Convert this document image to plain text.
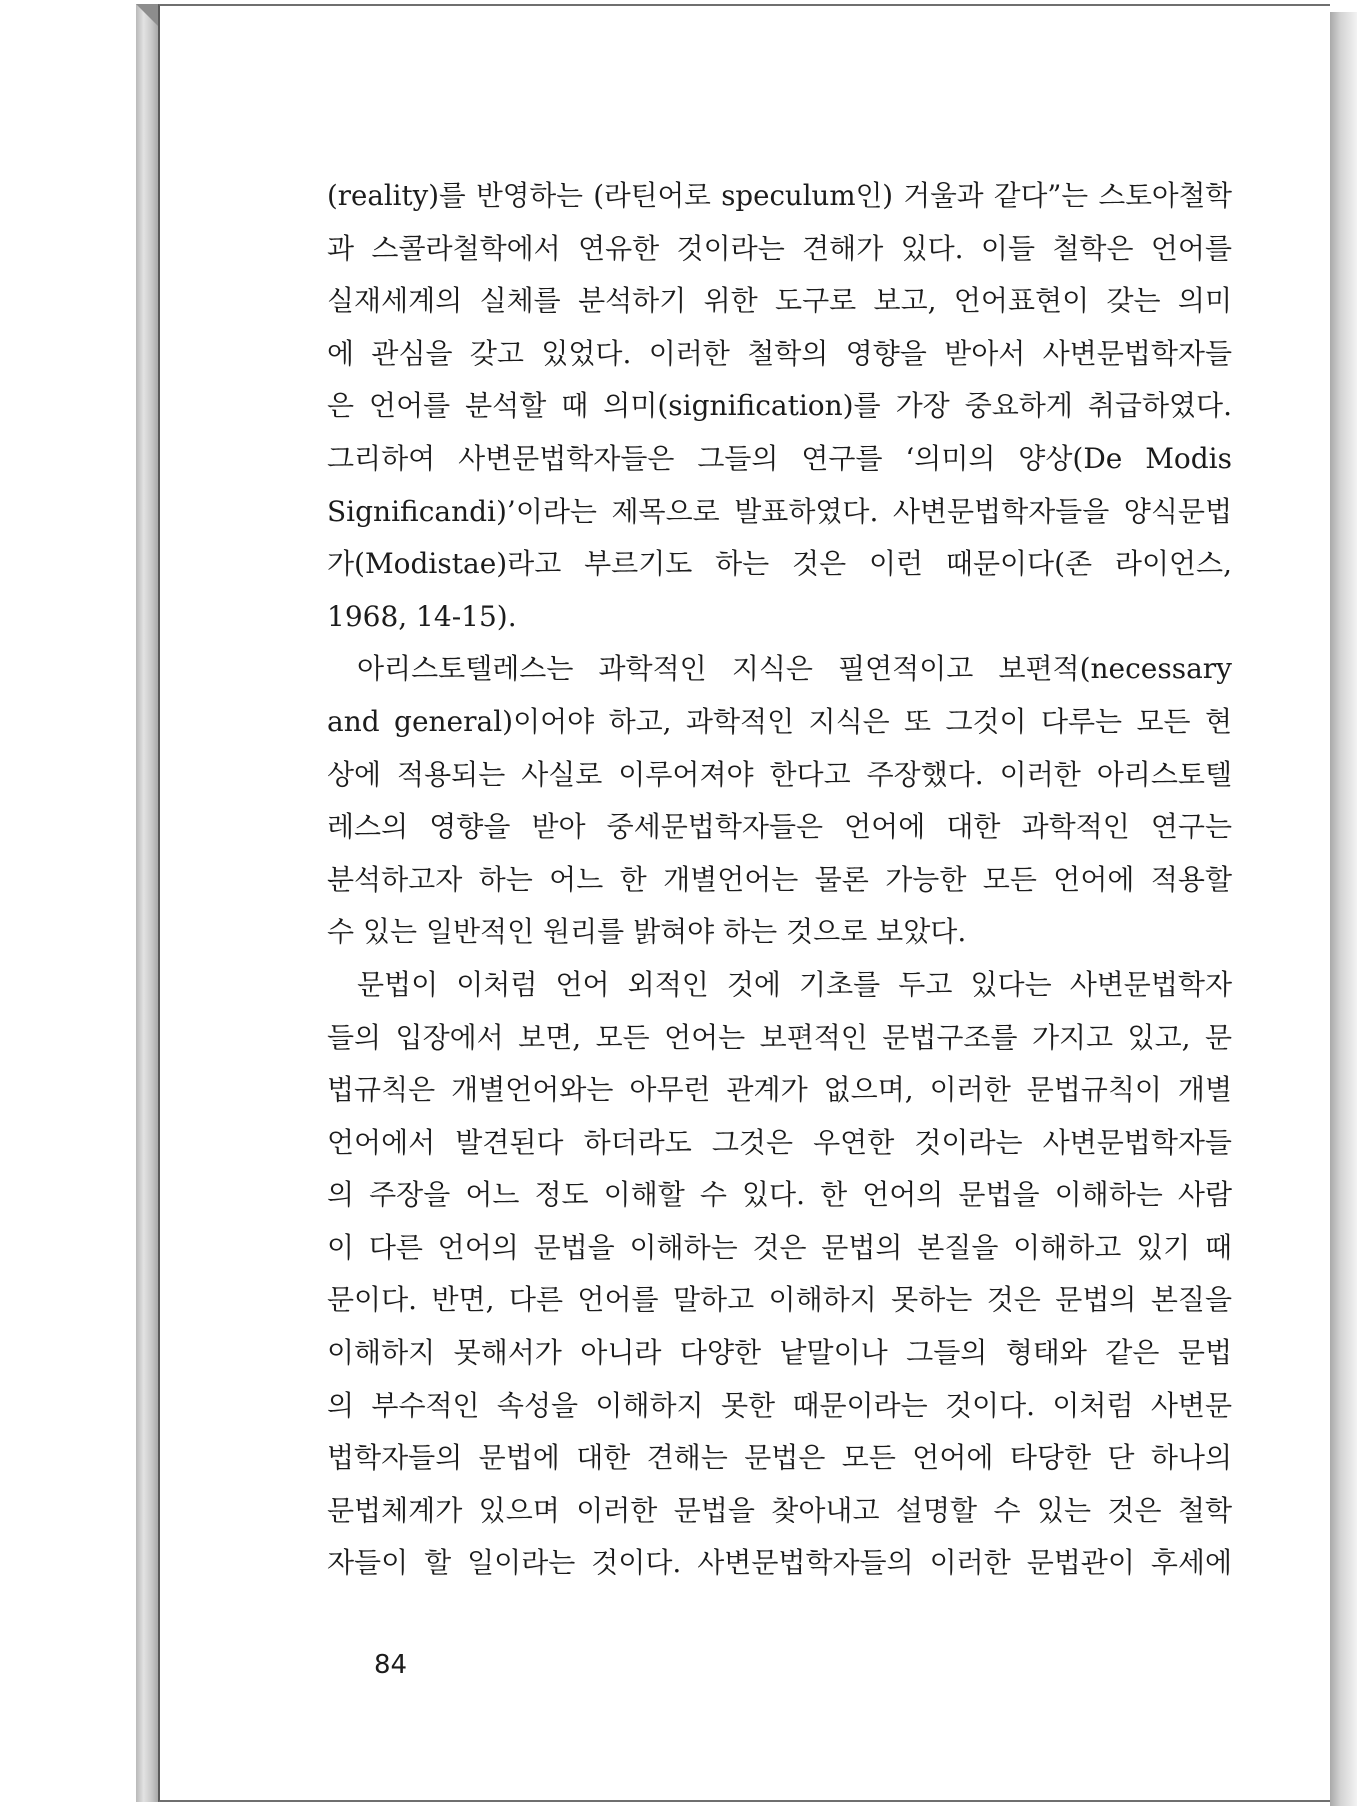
(reality)를 반영하는 (라틴어로 speculum인) 거울과 같다”는 스토아철학
과 스콜라철학에서 연유한 것이라는 견해가 있다. 이들 철학은 언어를
실재세계의 실체를 분석하기 위한 도구로 보고, 언어표현이 갖는 의미
에 관심을 갖고 있었다. 이러한 철학의 영향을 받아서 사변문법학자들
은 언어를 분석할 때 의미(signification)를 가장 중요하게 취급하였다.
그리하여 사변문법학자들은 그들의 연구를 ‘의미의 양상(De Modis
Significandi)’이라는 제목으로 발표하였다. 사변문법학자들을 양식문법
가(Modistae)라고 부르기도 하는 것은 이런 때문이다(존 라이언스,
1968, 14-15).
아리스토텔레스는 과학적인 지식은 필연적이고 보편적(necessary
and general)이어야 하고, 과학적인 지식은 또 그것이 다루는 모든 현
상에 적용되는 사실로 이루어져야 한다고 주장했다. 이러한 아리스토텔
레스의 영향을 받아 중세문법학자들은 언어에 대한 과학적인 연구는
분석하고자 하는 어느 한 개별언어는 물론 가능한 모든 언어에 적용할
수 있는 일반적인 원리를 밝혀야 하는 것으로 보았다.
문법이 이처럼 언어 외적인 것에 기초를 두고 있다는 사변문법학자
들의 입장에서 보면, 모든 언어는 보편적인 문법구조를 가지고 있고, 문
법규칙은 개별언어와는 아무런 관계가 없으며, 이러한 문법규칙이 개별
언어에서 발견된다 하더라도 그것은 우연한 것이라는 사변문법학자들
의 주장을 어느 정도 이해할 수 있다. 한 언어의 문법을 이해하는 사람
이 다른 언어의 문법을 이해하는 것은 문법의 본질을 이해하고 있기 때
문이다. 반면, 다른 언어를 말하고 이해하지 못하는 것은 문법의 본질을
이해하지 못해서가 아니라 다양한 낱말이나 그들의 형태와 같은 문법
의 부수적인 속성을 이해하지 못한 때문이라는 것이다. 이처럼 사변문
법학자들의 문법에 대한 견해는 문법은 모든 언어에 타당한 단 하나의
문법체계가 있으며 이러한 문법을 찾아내고 설명할 수 있는 것은 철학
자들이 할 일이라는 것이다. 사변문법학자들의 이러한 문법관이 후세에
84
